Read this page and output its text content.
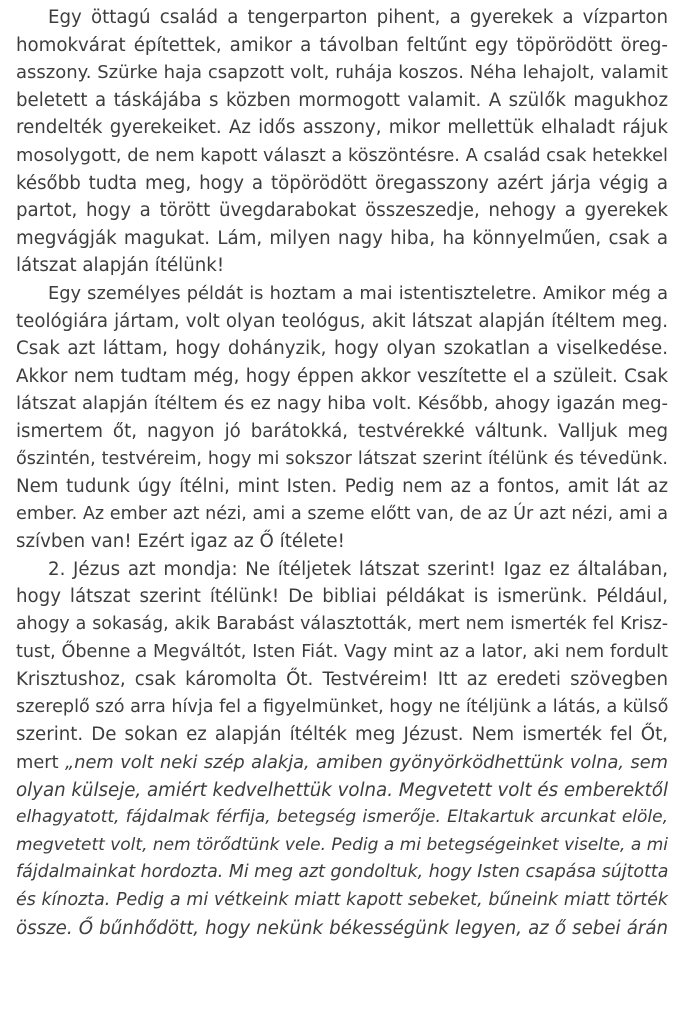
Egy öttagú család a tengerparton pihent, a gyerekek a vízparton
homokvárat építettek, amikor a távolban feltűnt egy töpörödött öreg-
asszony. Szürke haja csapzott volt, ruhája koszos. Néha lehajolt, valamit
beletett a táskájába s közben mormogott valamit. A szülők magukhoz
rendelték gyerekeiket. Az idős asszony, mikor mellettük elhaladt rájuk
mosolygott, de nem kapott választ a köszöntésre. A család csak hetekkel
később tudta meg, hogy a töpörödött öregasszony azért járja végig a
partot, hogy a törött üvegdarabokat összeszedje, nehogy a gyerekek
megvágják magukat. Lám, milyen nagy hiba, ha könnyelműen, csak a
látszat alapján ítélünk!

Egy személyes példát is hoztam a mai istentiszteletre. Amikor még a
teológiára jártam, volt olyan teológus, akit látszat alapján ítéltem meg.
Csak azt láttam, hogy dohányzik, hogy olyan szokatlan a viselkedése.
Akkor nem tudtam még, hogy éppen akkor veszítette el a szüleit. Csak
látszat alapján ítéltem és ez nagy hiba volt. Később, ahogy igazán meg-
ismertem őt, nagyon jó barátokká, testvérekké váltunk. Valljuk meg
őszintén, testvéreim, hogy mi sokszor látszat szerint ítélünk és tévedünk.
Nem tudunk úgy ítélni, mint Isten. Pedig nem az a fontos, amit lát az
ember. Az ember azt nézi, ami a szeme előtt van, de az Úr azt nézi, ami a
szívben van! Ezért igaz az Ő ítélete!

2. Jézus azt mondja: Ne ítéljetek látszat szerint! Igaz ez általában,
hogy látszat szerint ítélünk! De bibliai példákat is ismerünk. Például,
ahogy a sokaság, akik Barabást választották, mert nem ismerték fel Krisz-
tust, Őbenne a Megváltót, Isten Fiát. Vagy mint az a lator, aki nem fordult
Krisztushoz, csak káromolta Őt. Testvéreim! Itt az eredeti szövegben
szereplő szó arra hívja fel a figyelmünket, hogy ne ítéljünk a látás, a külső
szerint. De sokan ez alapján ítélték meg Jézust. Nem ismerték fel Őt,
mert „nem volt neki szép alakja, amiben gyönyörködhettünk volna, sem
olyan külseje, amiért kedvelhettük volna. Megvetett volt és emberektől
elhagyatott, fájdalmak férfija, betegség ismerője. Eltakartuk arcunkat elöle,
megvetett volt, nem törődtünk vele. Pedig a mi betegségeinket viselte, a mi
fájdalmainkat hordozta. Mi meg azt gondoltuk, hogy Isten csapása sújtotta
és kínozta. Pedig a mi vétkeink miatt kapott sebeket, bűneink miatt törték
össze. Ő bűnhődött, hogy nekünk békességünk legyen, az ő sebei árán
